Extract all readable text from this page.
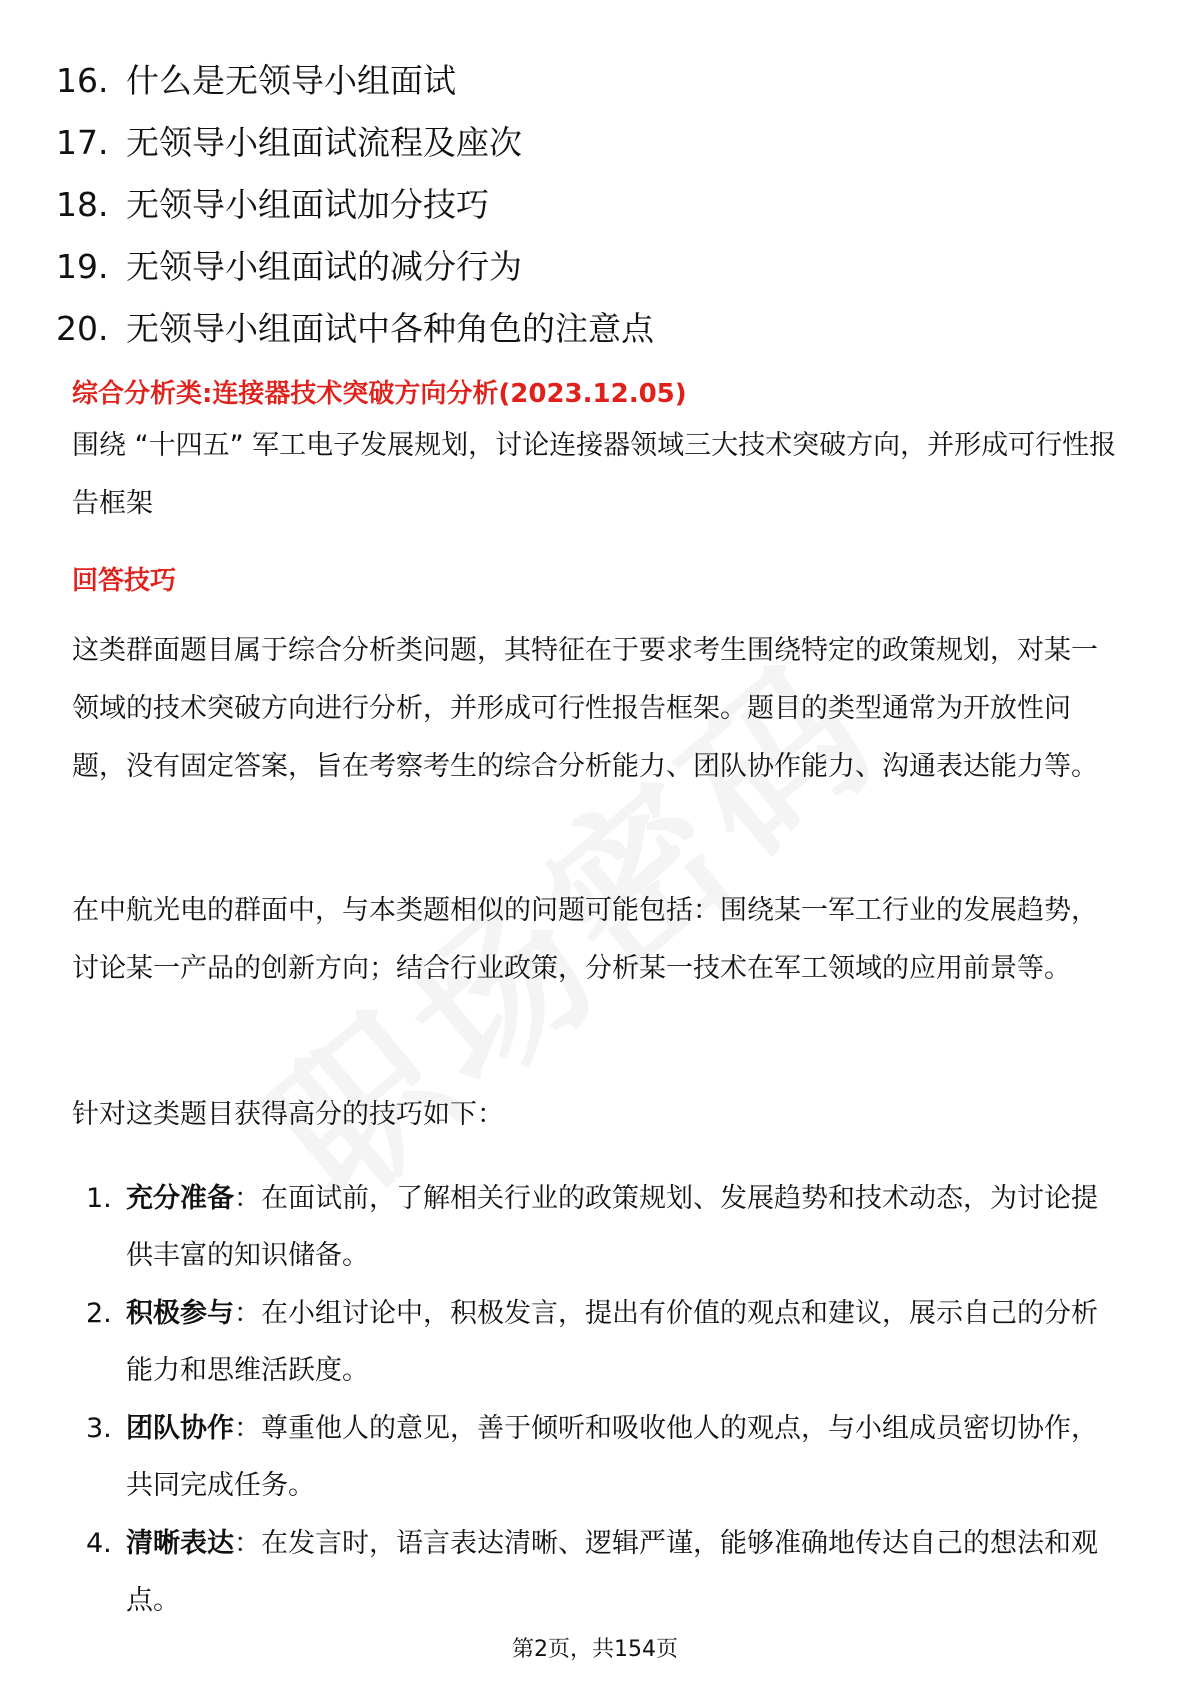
16. 什么是无领导小组面试
17. 无领导小组面试流程及座次
18. 无领导小组面试加分技巧
19. 无领导小组面试的减分行为
20. 无领导小组面试中各种角色的注意点
综合分析类:连接器技术突破方向分析(2023.12.05)

围绕 “十四五” 军工电子发展规划，讨论连接器领域三大技术突破方向，并形成可行性报告框架

回答技巧

这类群面题目属于综合分析类问题，其特征在于要求考生围绕特定的政策规划，对某一领域的技术突破方向进行分析，并形成可行性报告框架。题目的类型通常为开放性问题，没有固定答案，旨在考察考生的综合分析能力、团队协作能力、沟通表达能力等。

在中航光电的群面中，与本类题相似的问题可能包括：围绕某一军工行业的发展趋势，讨论某一产品的创新方向；结合行业政策，分析某一技术在军工领域的应用前景等。

针对这类题目获得高分的技巧如下：

1. 充分准备：在面试前，了解相关行业的政策规划、发展趋势和技术动态，为讨论提供丰富的知识储备。
2. 积极参与：在小组讨论中，积极发言，提出有价值的观点和建议，展示自己的分析能力和思维活跃度。
3. 团队协作：尊重他人的意见，善于倾听和吸收他人的观点，与小组成员密切协作，共同完成任务。
4. 清晰表达：在发言时，语言表达清晰、逻辑严谨，能够准确地传达自己的想法和观点。
第2页，共154页
